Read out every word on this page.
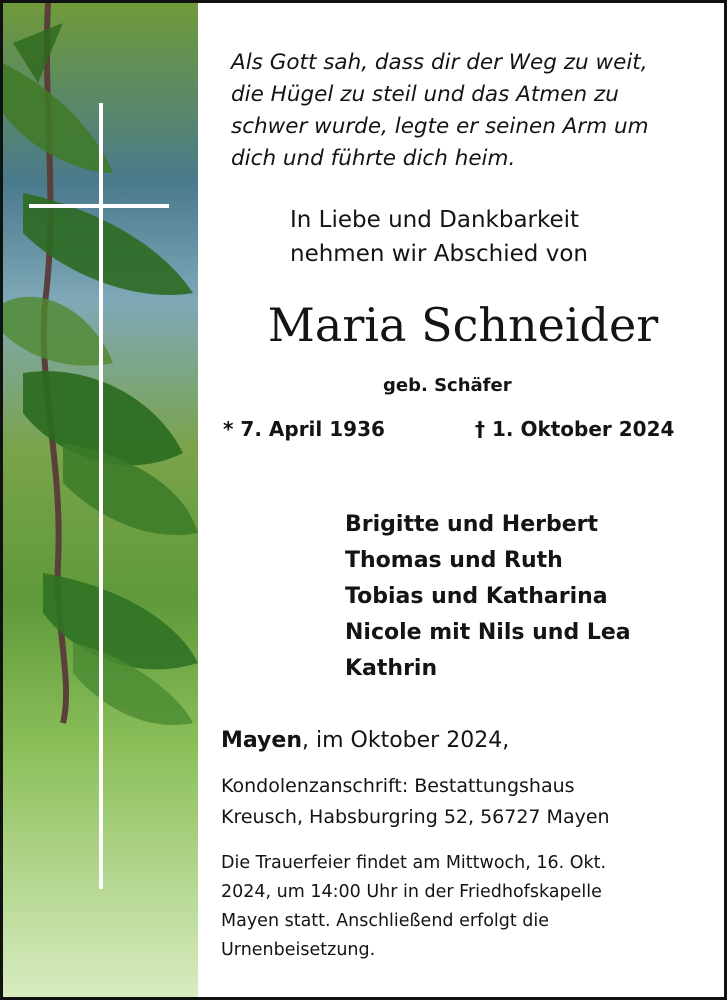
Als Gott sah, dass dir der Weg zu weit,
die Hügel zu steil und das Atmen zu
schwer wurde, legte er seinen Arm um
dich und führte dich heim.
In Liebe und Dankbarkeit
nehmen wir Abschied von
Maria Schneider
geb. Schäfer
* 7. April 1936	† 1. Oktober 2024
Brigitte und Herbert
Thomas und Ruth
Tobias und Katharina
Nicole mit Nils und Lea
Kathrin
Mayen, im Oktober 2024,
Kondolenzanschrift: Bestattungshaus
Kreusch, Habsburgring 52, 56727 Mayen
Die Trauerfeier findet am Mittwoch, 16. Okt.
2024, um 14:00 Uhr in der Friedhofskapelle
Mayen statt. Anschließend erfolgt die
Urnenbeisetzung.
